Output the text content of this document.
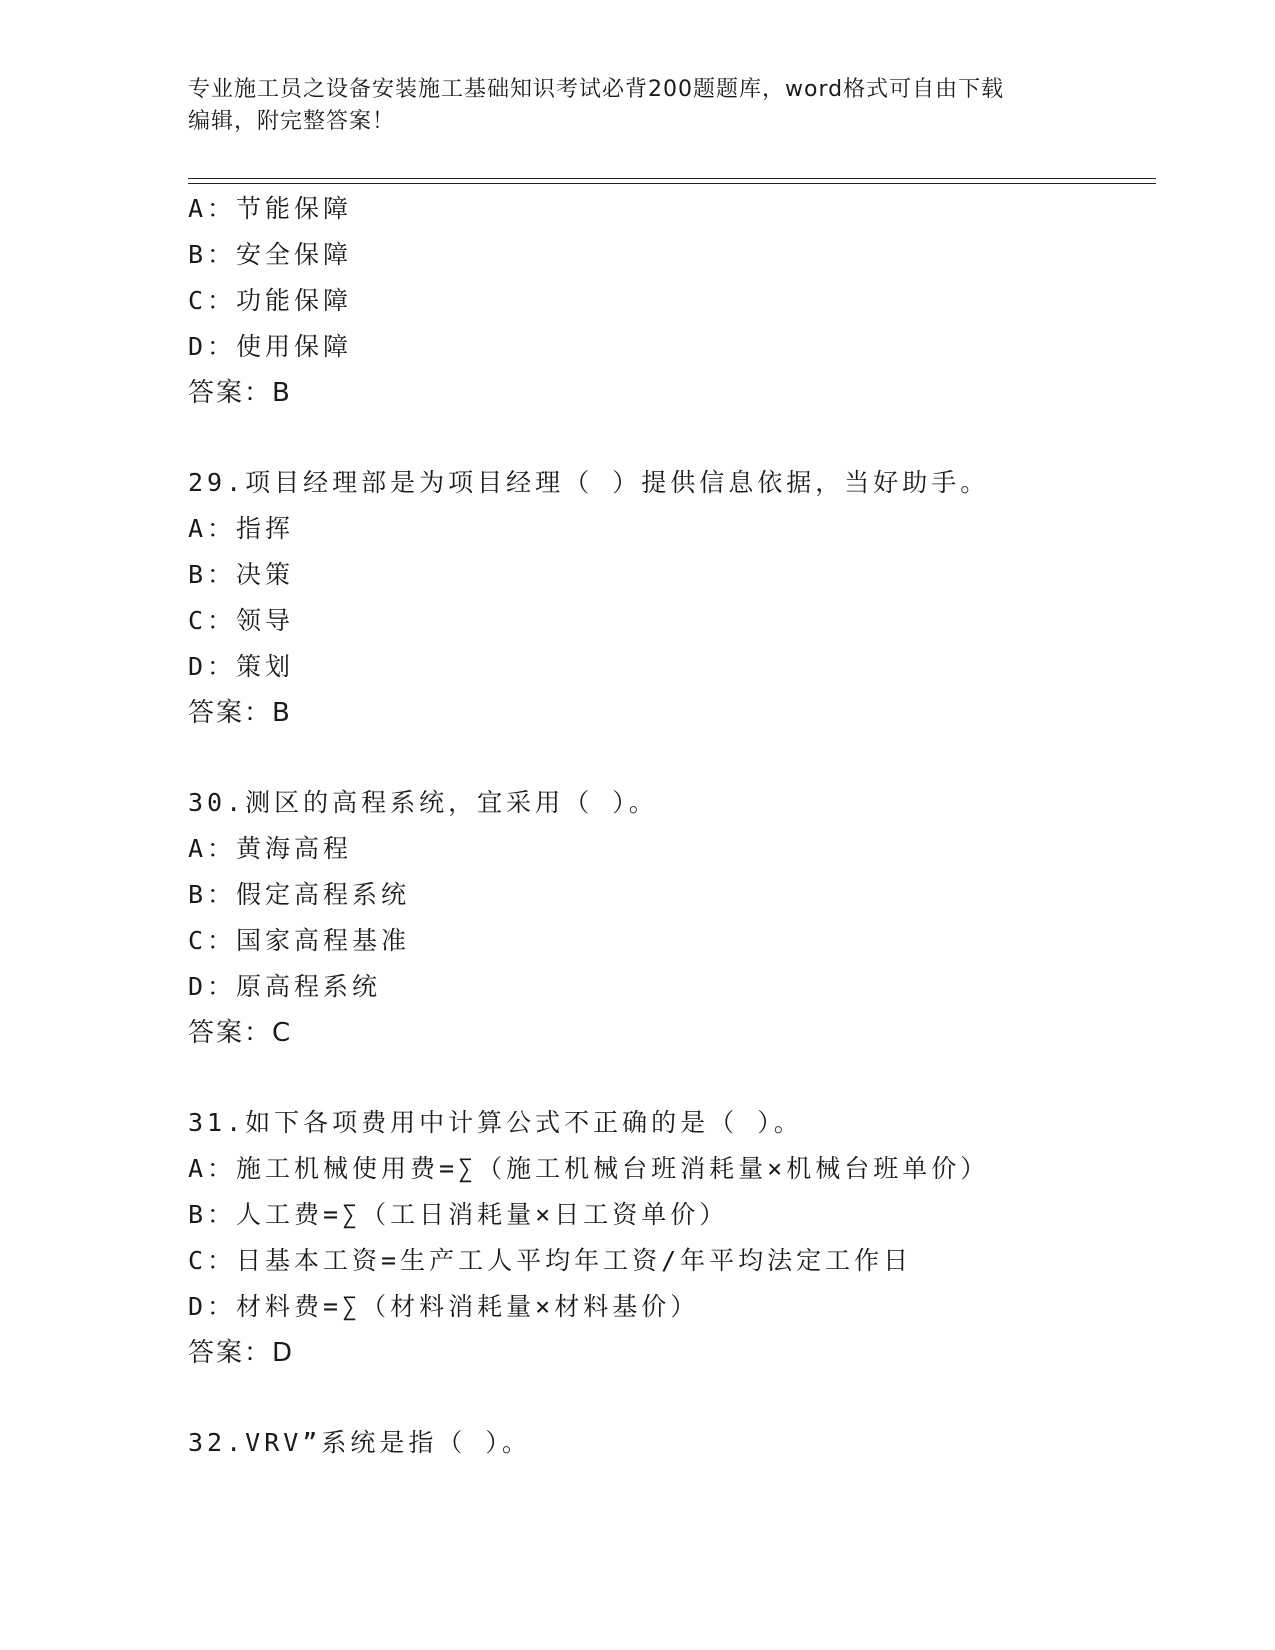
专业施工员之设备安装施工基础知识考试必背200题题库，word格式可自由下载
编辑，附完整答案！
A：节能保障
B：安全保障
C：功能保障
D：使用保障
答案：B
29.项目经理部是为项目经理（ ）提供信息依据，当好助手。
A：指挥
B：决策
C：领导
D：策划
答案：B
30.测区的高程系统，宜采用（ ）。
A：黄海高程
B：假定高程系统
C：国家高程基准
D：原高程系统
答案：C
31.如下各项费用中计算公式不正确的是（ ）。
A：施工机械使用费=∑（施工机械台班消耗量×机械台班单价）
B：人工费=∑（工日消耗量×日工资单价）
C：日基本工资=生产工人平均年工资/年平均法定工作日
D：材料费=∑（材料消耗量×材料基价）
答案：D
32.VRV”系统是指（ ）。
